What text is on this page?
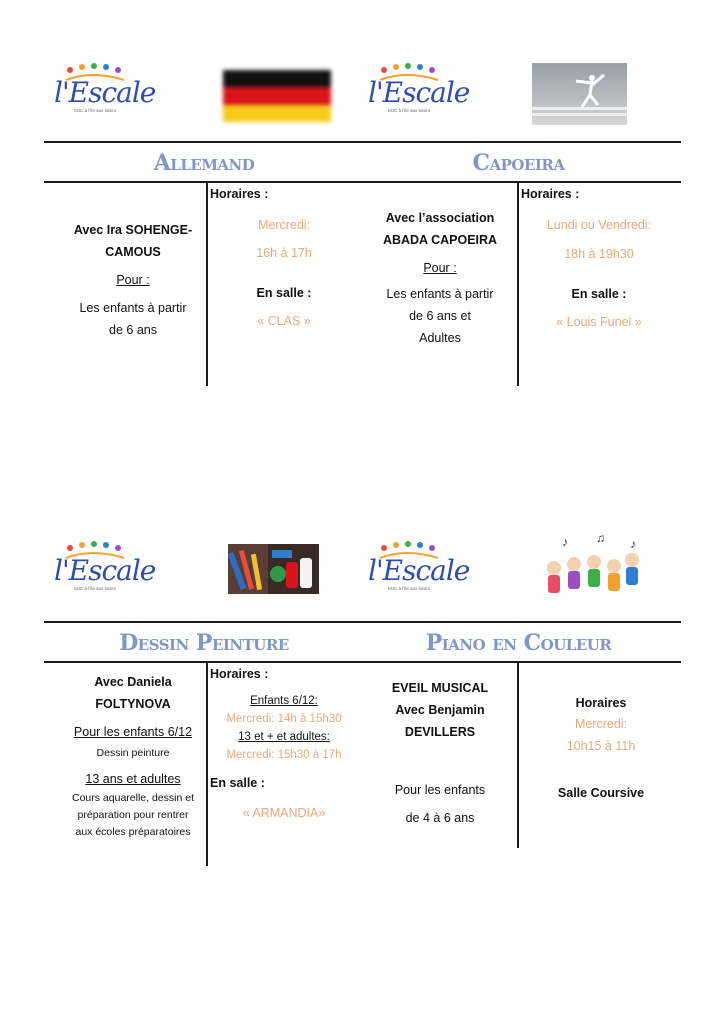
l'Escale
MJC à l'île aux loisirs
l'Escale
MJC à l'île aux loisirs
Allemand	Capoeira
Avec Ira SOHENGE-
CAMOUS
Pour :
Les enfants à partir
de 6 ans
Horaires :
Mercredi:
16h à 17h
En salle :
« CLAS »
Avec l’association
ABADA CAPOEIRA
Pour :
Les enfants à partir
de 6 ans et
Adultes
Horaires :
Lundi ou Vendredi:
18h à 19h30
En salle :
« Louis Funel »
l'Escale
MJC à l'île aux loisirs
l'Escale
MJC à l'île aux loisirs
♪ ♫ ♪
Dessin Peinture	Piano en Couleur
Avec Daniela
FOLTYNOVA
Pour les enfants 6/12
Dessin peinture
13 ans et adultes
Cours aquarelle, dessin et
préparation pour rentrer
aux écoles préparatoires
Horaires :
Enfants 6/12:
Mercredi: 14h à 15h30
13 et + et adultes:
Mercredi: 15h30 à 17h
En salle :
« ARMANDIA»
EVEIL MUSICAL
Avec Benjamin
DEVILLERS
Pour les enfants
de 4 à 6 ans
Horaires
Mercredi:
10h15 à 11h
Salle Coursive
